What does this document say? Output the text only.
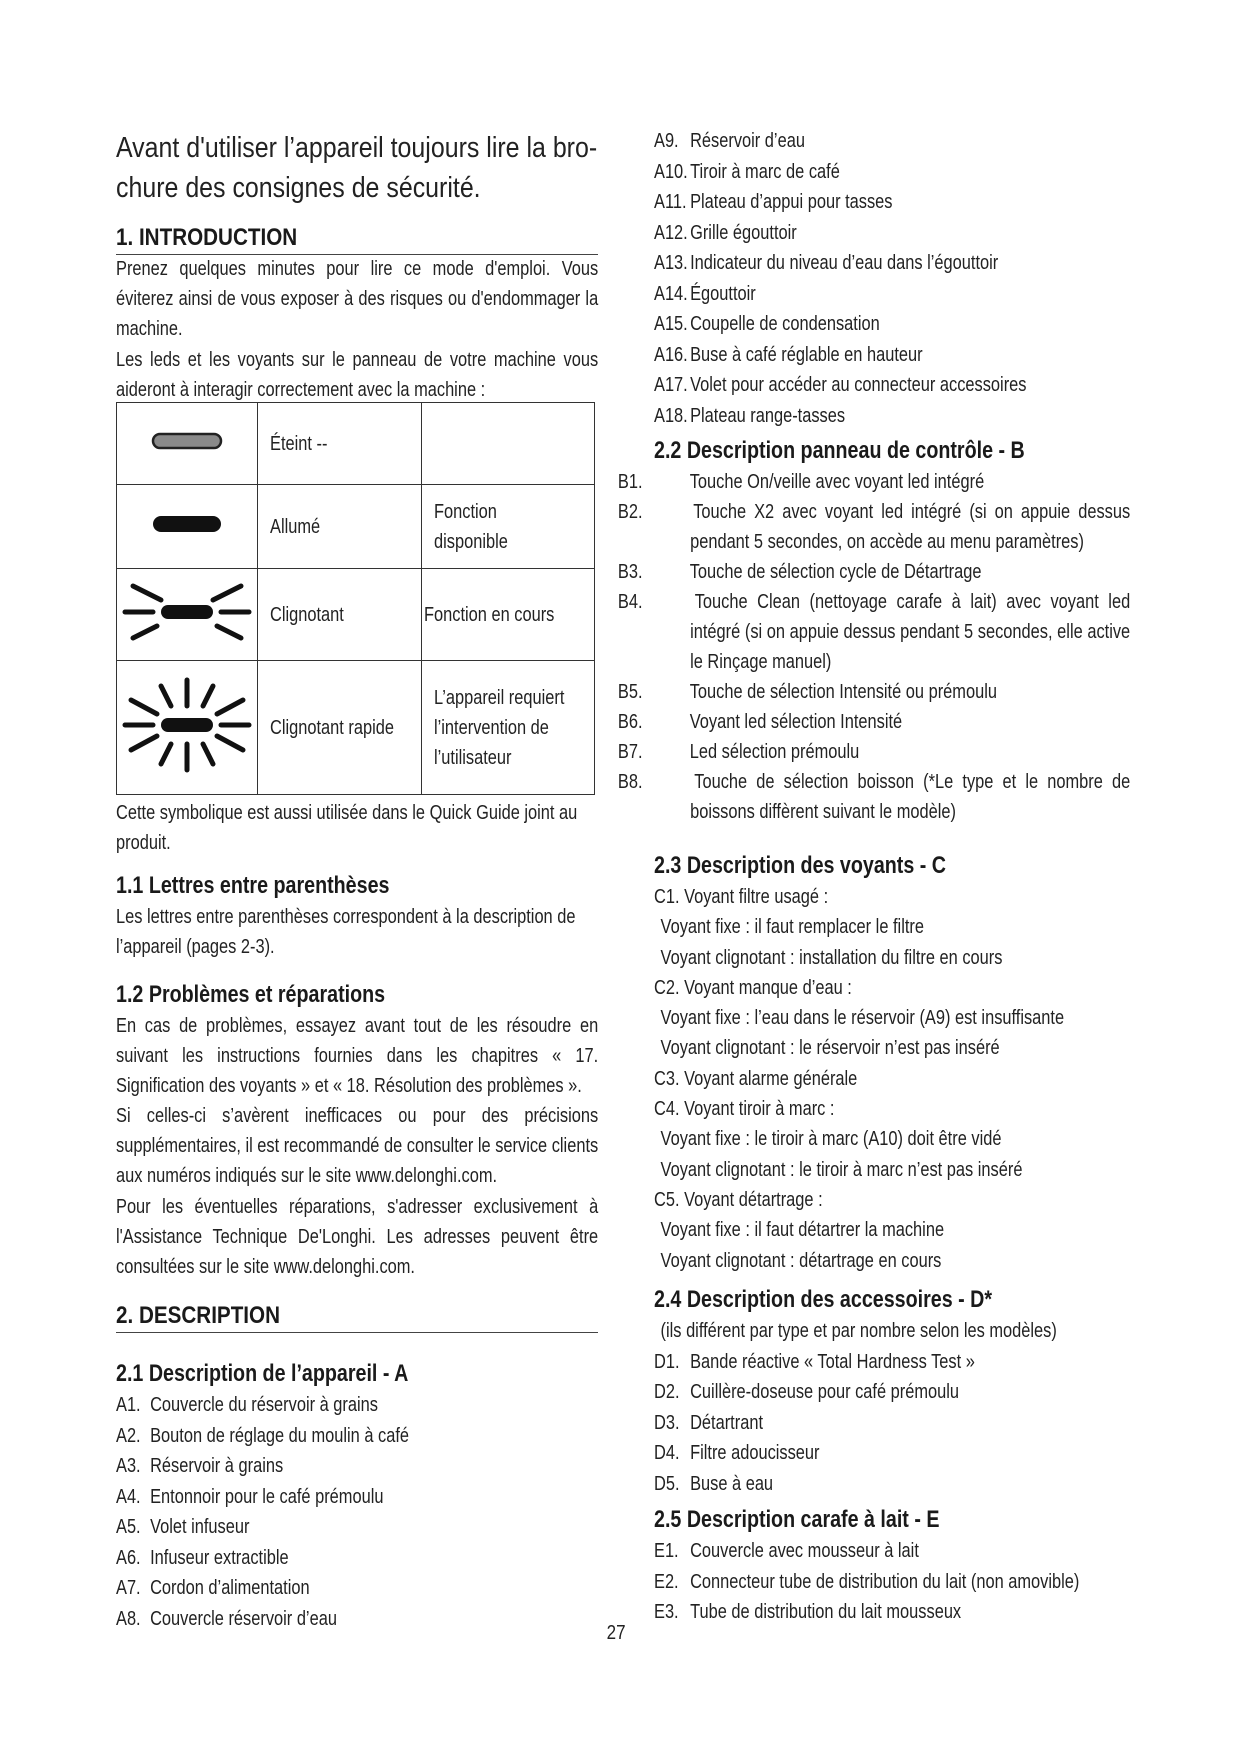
Avant d'utiliser l’appareil toujours lire la bro-
chure des consignes de sécurité.
1. INTRODUCTION
Prenez quelques minutes pour lire ce mode d'emploi. Vous éviterez ainsi de vous exposer à des risques ou d'endommager la machine.
Les leds et les voyants sur le panneau de votre machine vous aideront à interagir correctement avec la machine :
	Éteint --	
	Allumé	Fonction disponible
	Clignotant	Fonction en cours
	Clignotant rapide	L’appareil requiert l’intervention de l’utilisateur
Cette symbolique est aussi utilisée dans le Quick Guide joint au produit.
1.1 Lettres entre parenthèses
Les lettres entre parenthèses correspondent à la description de l’appareil (pages 2-3).
1.2 Problèmes et réparations
En cas de problèmes, essayez avant tout de les résoudre en suivant les instructions fournies dans les chapitres « 17. Signification des voyants » et « 18. Résolution des problèmes ».
Si celles-ci s’avèrent inefficaces ou pour des précisions supplémentaires, il est recommandé de consulter le service clients aux numéros indiqués sur le site www.delonghi.com.
Pour les éventuelles réparations, s'adresser exclusivement à l'Assistance Technique De'Longhi. Les adresses peuvent être consultées sur le site www.delonghi.com.
2. DESCRIPTION
2.1 Description de l’appareil - A
A1.
Couvercle du réservoir à grains
A2.
Bouton de réglage du moulin à café
A3.
Réservoir à grains
A4.
Entonnoir pour le café prémoulu
A5.
Volet infuseur
A6.
Infuseur extractible
A7.
Cordon d’alimentation
A8.
Couvercle réservoir d’eau
A9. Réservoir d’eau
A10. Tiroir à marc de café
A11. Plateau d’appui pour tasses
A12. Grille égouttoir
A13. Indicateur du niveau d’eau dans l’égouttoir
A14. Égouttoir
A15. Coupelle de condensation
A16. Buse à café réglable en hauteur
A17. Volet pour accéder au connecteur accessoires
A18. Plateau range-tasses
2.2 Description panneau de contrôle - B
B1. Touche On/veille avec voyant led intégré
B2.	Touche X2 avec voyant led intégré (si on appuie dessus pendant 5 secondes, on accède au menu paramètres)
B3. Touche de sélection cycle de Détartrage
B4.	Touche Clean (nettoyage carafe à lait) avec voyant led intégré (si on appuie dessus pendant 5 secondes, elle active le Rinçage manuel)
B5. Touche de sélection Intensité ou prémoulu
B6. Voyant led sélection Intensité
B7. Led sélection prémoulu
B8.	Touche de sélection boisson (*Le type et le nombre de boissons diffèrent suivant le modèle)
2.3 Description des voyants - C
C1. Voyant filtre usagé :
Voyant fixe : il faut remplacer le filtre
Voyant clignotant : installation du filtre en cours
C2. Voyant manque d’eau :
Voyant fixe : l’eau dans le réservoir (A9) est insuffisante
Voyant clignotant : le réservoir n’est pas inséré
C3. Voyant alarme générale
C4. Voyant tiroir à marc :
Voyant fixe : le tiroir à marc (A10) doit être vidé
Voyant clignotant : le tiroir à marc n’est pas inséré
C5. Voyant détartrage :
Voyant fixe : il faut détartrer la machine
Voyant clignotant : détartrage en cours
2.4 Description des accessoires - D*
(ils différent par type et par nombre selon les modèles)
D1. Bande réactive « Total Hardness Test »
D2. Cuillère-doseuse pour café prémoulu
D3. Détartrant
D4. Filtre adoucisseur
D5. Buse à eau
2.5 Description carafe à lait - E
E1. Couvercle avec mousseur à lait
E2. Connecteur tube de distribution du lait (non amovible)
E3. Tube de distribution du lait mousseux
27
